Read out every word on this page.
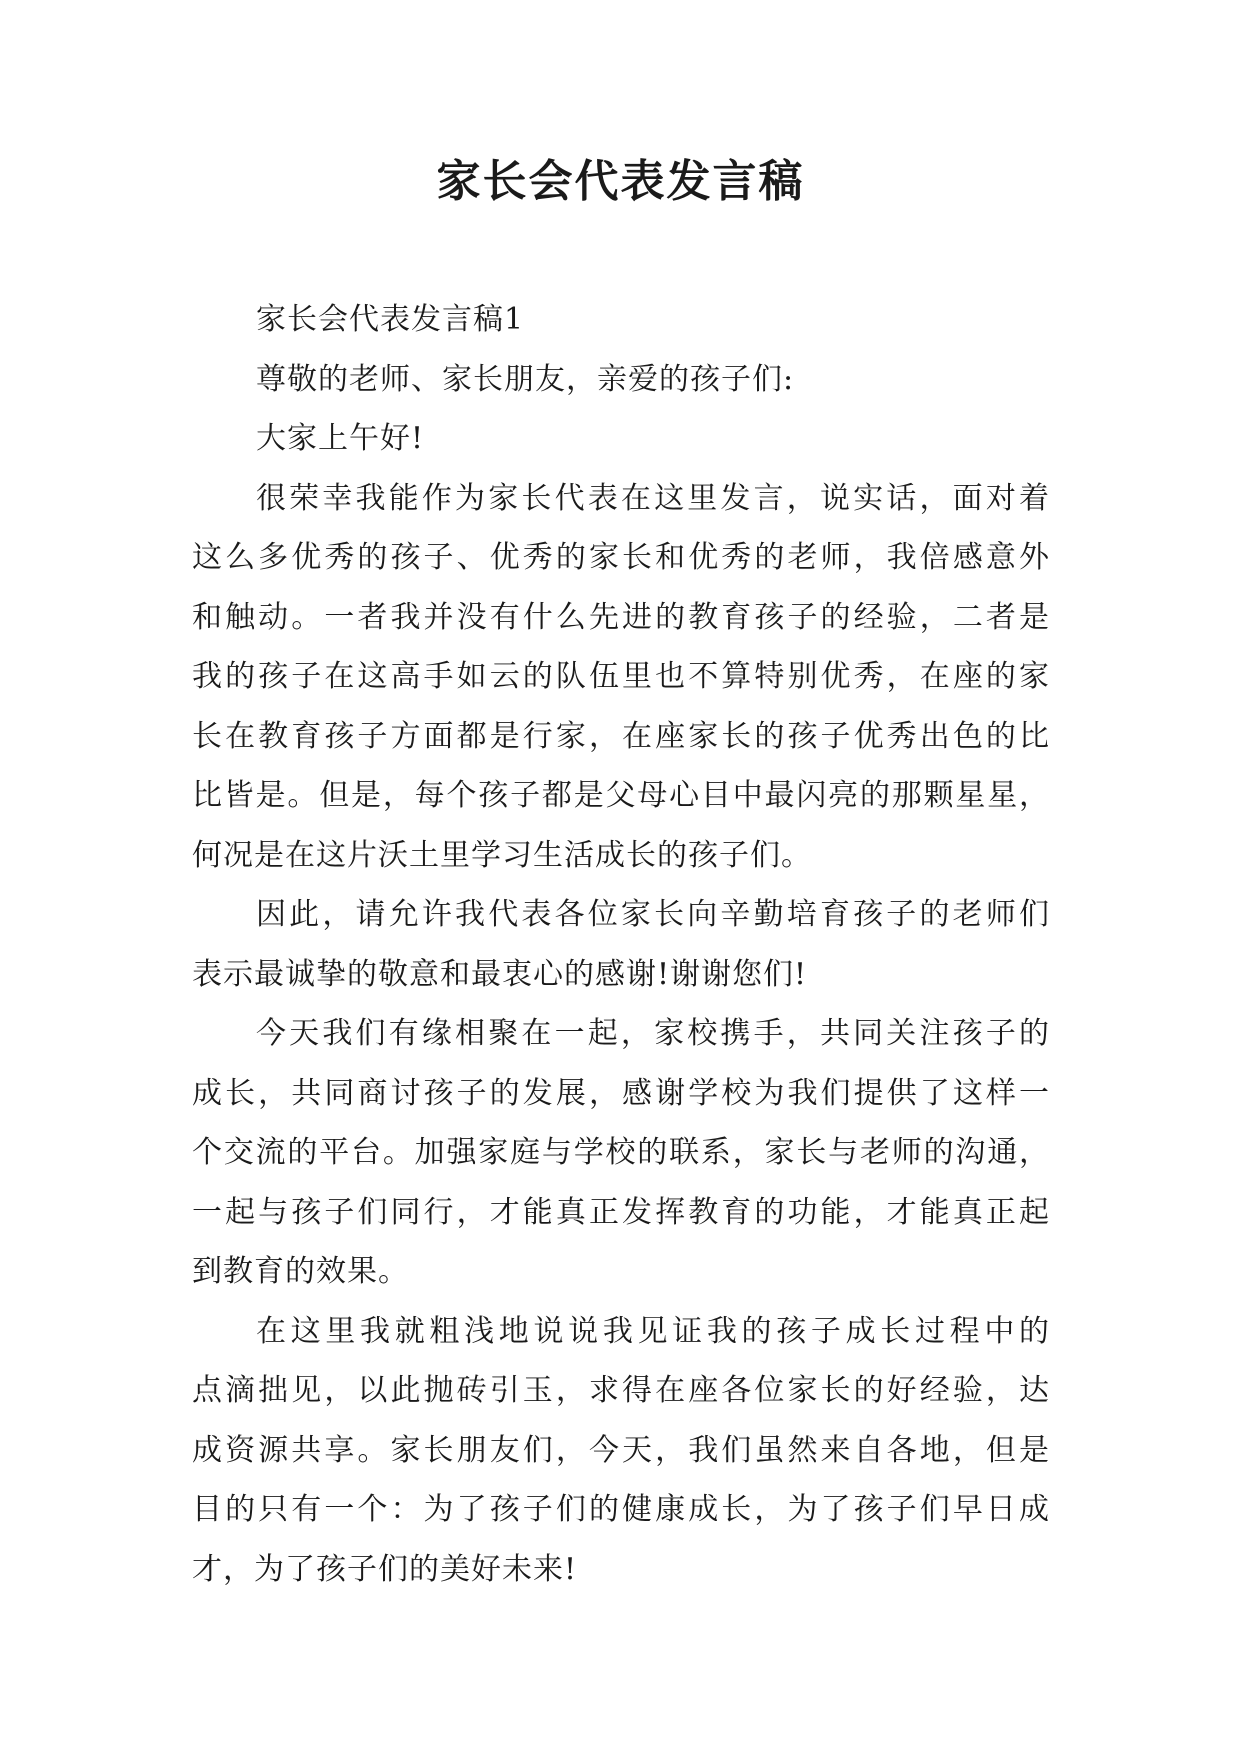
家长会代表发言稿
家长会代表发言稿1
尊敬的老师、家长朋友，亲爱的孩子们:
大家上午好!
很荣幸我能作为家长代表在这里发言，说实话，面对着
这么多优秀的孩子、优秀的家长和优秀的老师，我倍感意外
和触动。一者我并没有什么先进的教育孩子的经验，二者是
我的孩子在这高手如云的队伍里也不算特别优秀，在座的家
长在教育孩子方面都是行家，在座家长的孩子优秀出色的比
比皆是。但是，每个孩子都是父母心目中最闪亮的那颗星星，
何况是在这片沃土里学习生活成长的孩子们。
因此，请允许我代表各位家长向辛勤培育孩子的老师们
表示最诚挚的敬意和最衷心的感谢!谢谢您们!
今天我们有缘相聚在一起，家校携手，共同关注孩子的
成长，共同商讨孩子的发展，感谢学校为我们提供了这样一
个交流的平台。加强家庭与学校的联系，家长与老师的沟通，
一起与孩子们同行，才能真正发挥教育的功能，才能真正起
到教育的效果。
在这里我就粗浅地说说我见证我的孩子成长过程中的
点滴拙见，以此抛砖引玉，求得在座各位家长的好经验，达
成资源共享。家长朋友们，今天，我们虽然来自各地，但是
目的只有一个：为了孩子们的健康成长，为了孩子们早日成
才，为了孩子们的美好未来!
